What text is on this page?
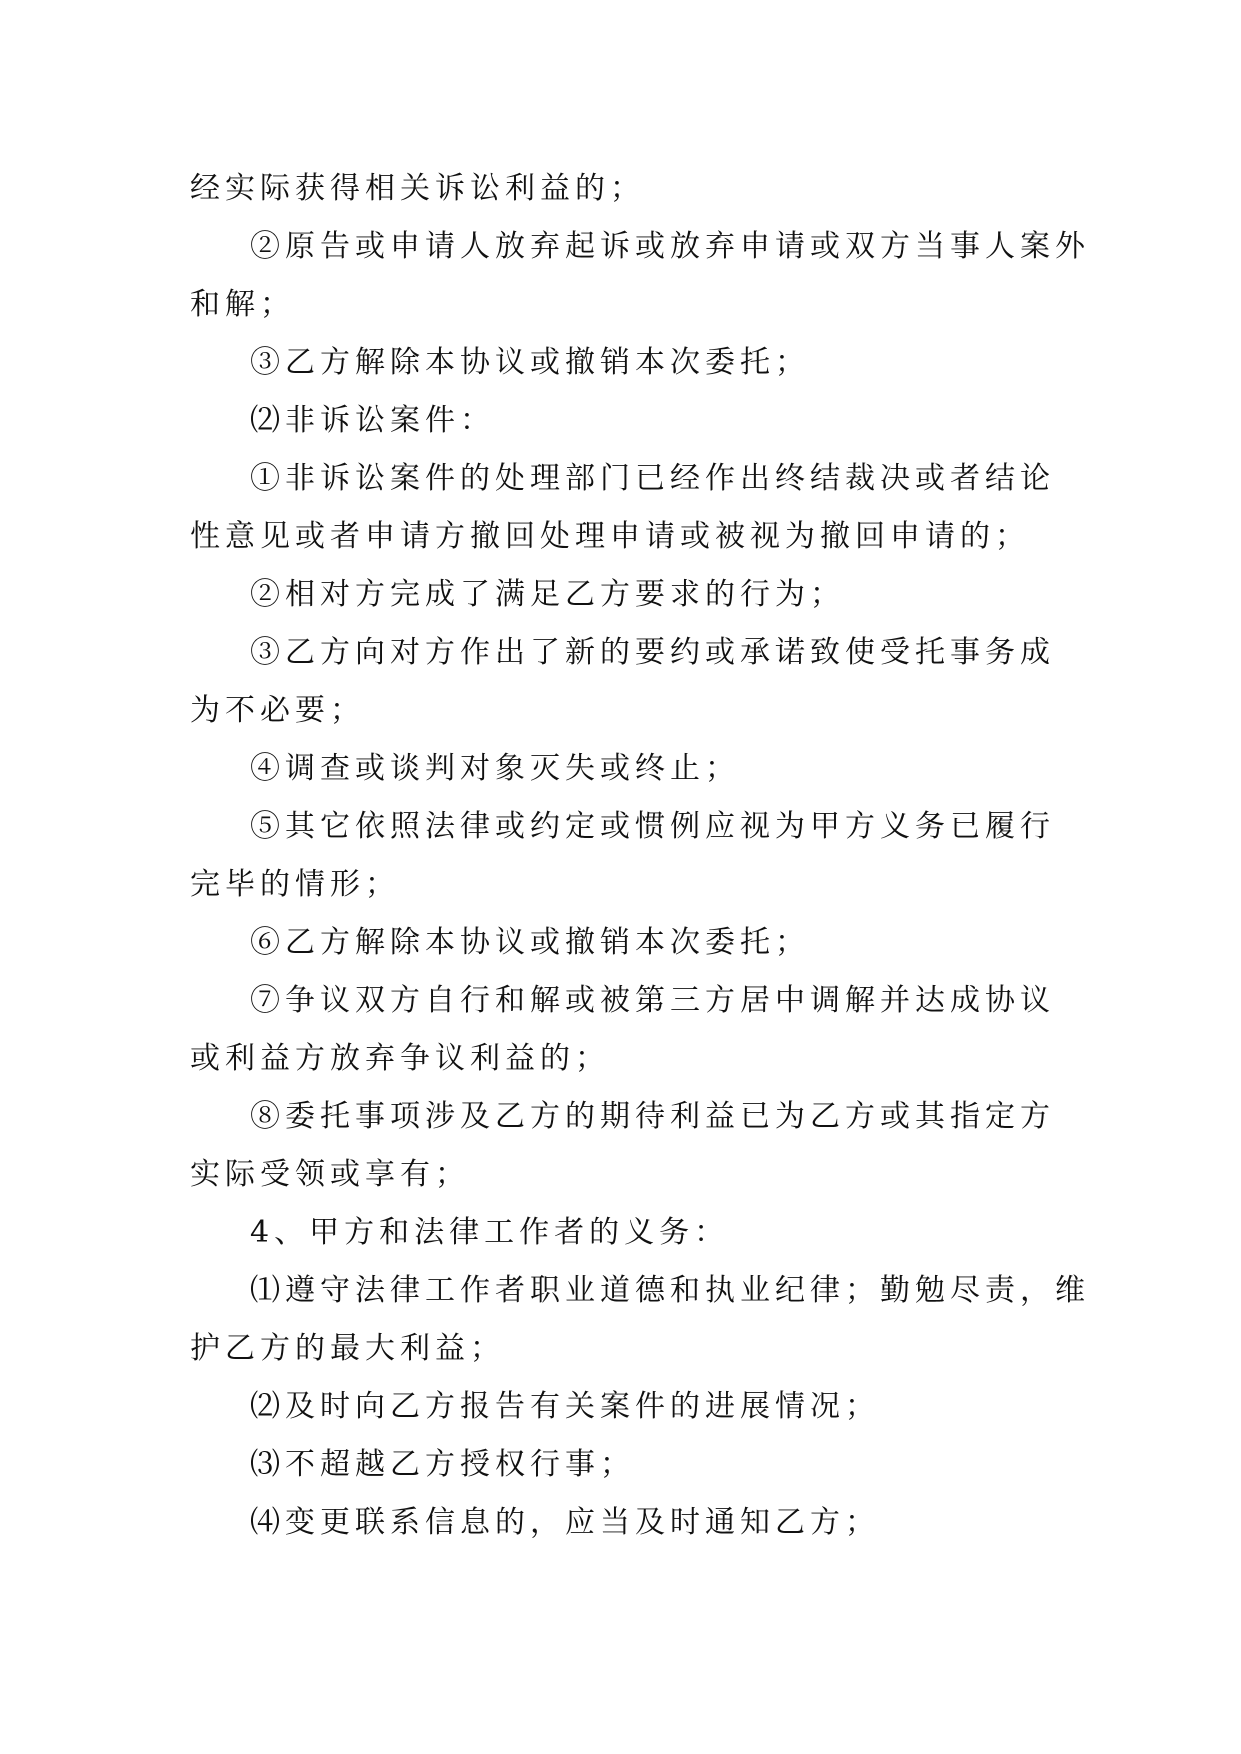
经实际获得相关诉讼利益的；

②原告或申请人放弃起诉或放弃申请或双方当事人案外

和解；

③乙方解除本协议或撤销本次委托；

⑵非诉讼案件：

①非诉讼案件的处理部门已经作出终结裁决或者结论

性意见或者申请方撤回处理申请或被视为撤回申请的；

②相对方完成了满足乙方要求的行为；

③乙方向对方作出了新的要约或承诺致使受托事务成

为不必要；

④调查或谈判对象灭失或终止；

⑤其它依照法律或约定或惯例应视为甲方义务已履行

完毕的情形；

⑥乙方解除本协议或撤销本次委托；

⑦争议双方自行和解或被第三方居中调解并达成协议

或利益方放弃争议利益的；

⑧委托事项涉及乙方的期待利益已为乙方或其指定方

实际受领或享有；

4、甲方和法律工作者的义务：

⑴遵守法律工作者职业道德和执业纪律；勤勉尽责，维

护乙方的最大利益；

⑵及时向乙方报告有关案件的进展情况；

⑶不超越乙方授权行事；

⑷变更联系信息的，应当及时通知乙方；
